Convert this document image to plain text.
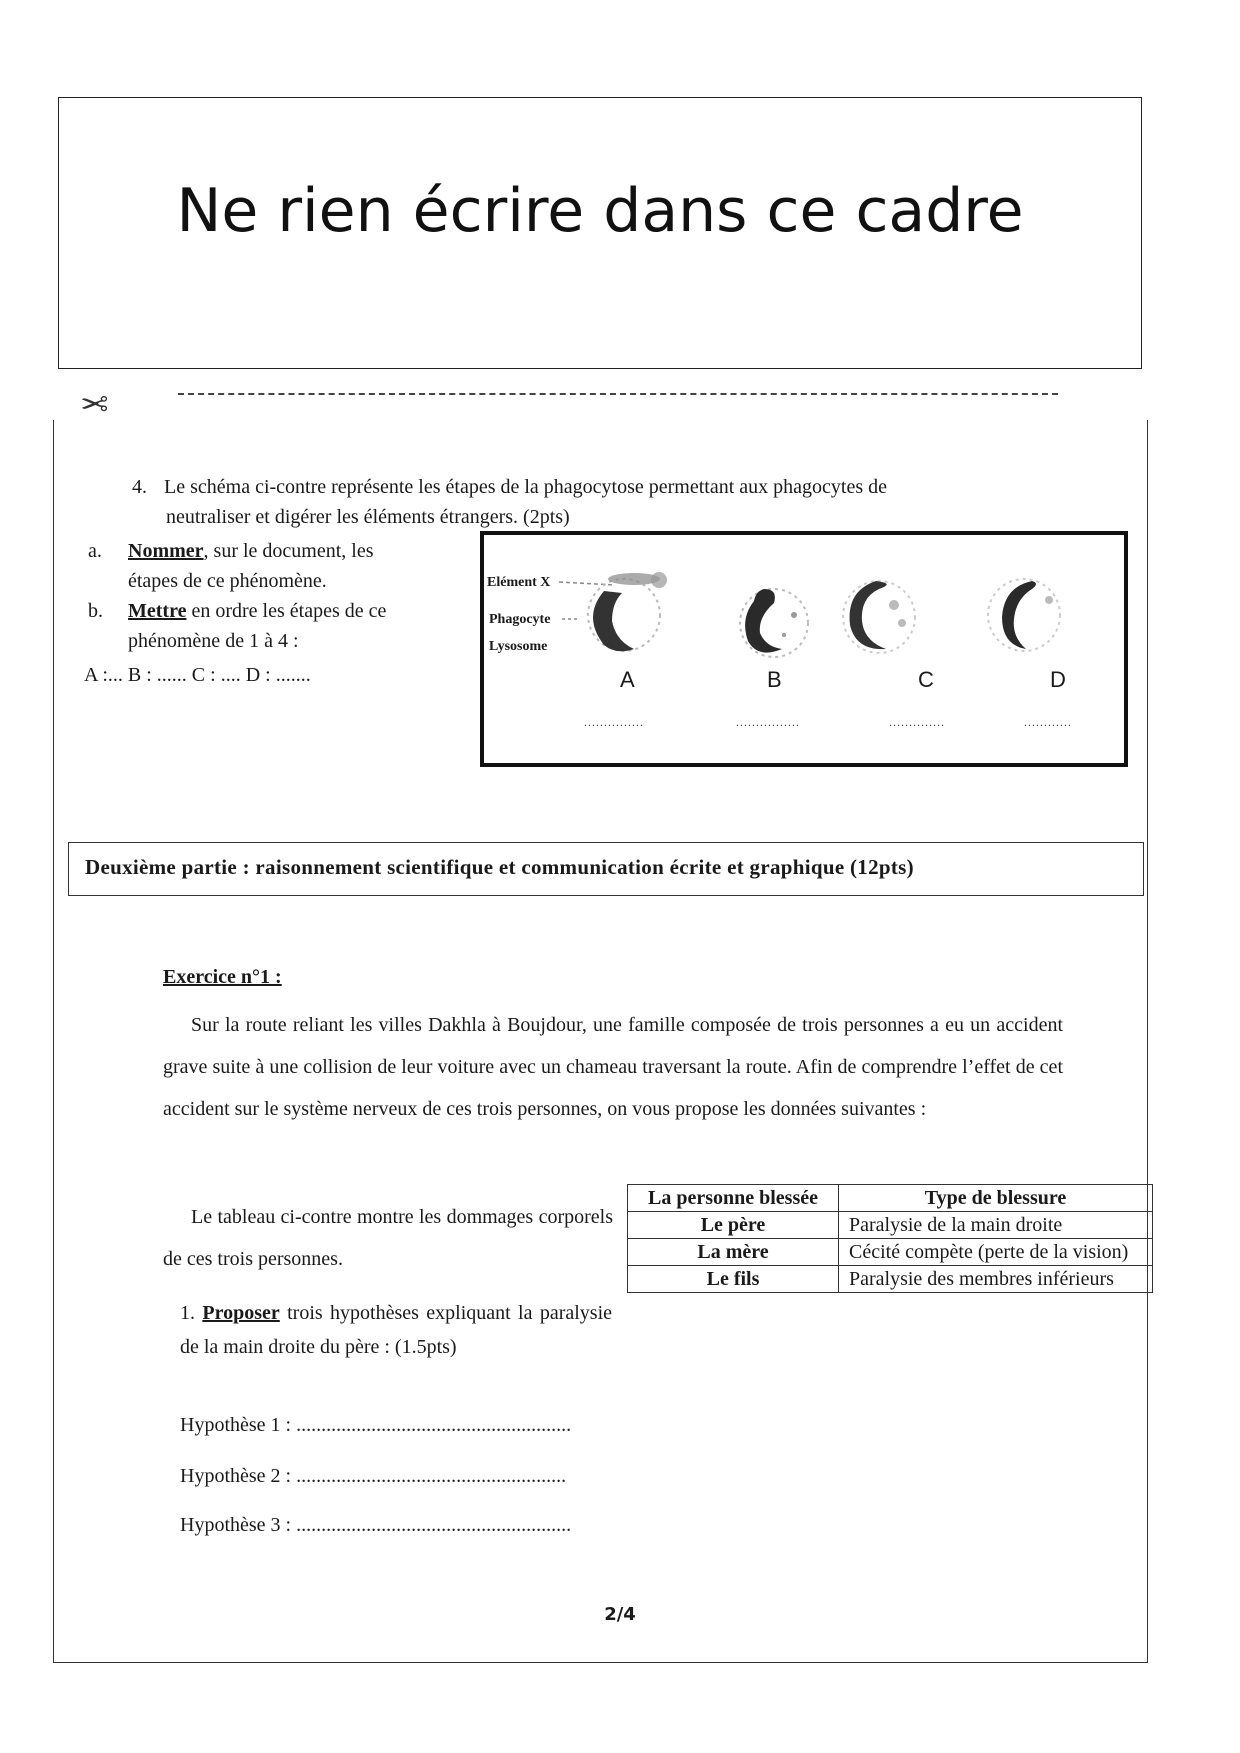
Ne rien écrire dans ce cadre
✂
4. Le schéma ci-contre représente les étapes de la phagocytose permettant aux phagocytes de
neutraliser et digérer les éléments étrangers. (2pts)
a.	Nommer, sur le document, les
étapes de ce phénomène.
b.	Mettre en ordre les étapes de ce
phénomène de 1 à 4 :
A :... B : ...... C : .... D : .......
Elément X
Phagocyte
Lysosome
A	B	C	D
...............	................	..............	............
Deuxième partie : raisonnement scientifique et communication écrite et graphique (12pts)
Exercice n°1 :
Sur la route reliant les villes Dakhla à Boujdour, une famille composée de trois personnes a eu un accident grave suite à une collision de leur voiture avec un chameau traversant la route. Afin de comprendre l’effet de cet accident sur le système nerveux de ces trois personnes, on vous propose les données suivantes :
Le tableau ci-contre montre les dommages corporels de ces trois personnes.
La personne blessée	Type de blessure
Le père	Paralysie de la main droite
La mère	Cécité compète (perte de la vision)
Le fils	Paralysie des membres inférieurs
1. Proposer trois hypothèses expliquant la paralysie de la main droite du père : (1.5pts)
Hypothèse 1 : .......................................................
Hypothèse 2 : ......................................................
Hypothèse 3 : .......................................................
2/4
